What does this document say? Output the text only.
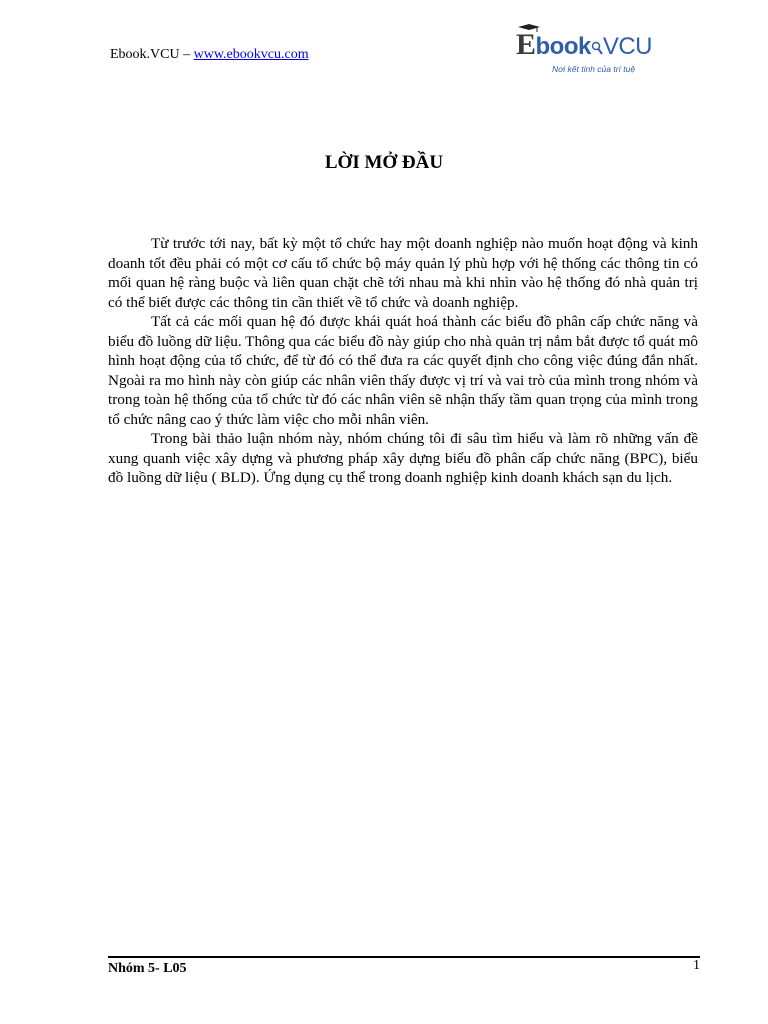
Ebook.VCU – www.ebookvcu.com	Ebook VCU
Nơi kết tinh của trí tuệ
LỜI MỞ ĐẦU

Từ trước tới nay, bất kỳ một tổ chức hay một doanh nghiệp nào muốn hoạt động và kinh doanh tốt đều phải có một cơ cấu tổ chức bộ máy quản lý phù hợp với hệ thống các thông tin có mối quan hệ ràng buộc và liên quan chặt chẽ tới nhau mà khi nhìn vào hệ thống đó nhà quản trị có thể biết được các thông tin cần thiết về tổ chức và doanh nghiệp.

Tất cả các mối quan hệ đó được khái quát hoá thành các biểu đồ phân cấp chức năng và biểu đồ luồng dữ liệu. Thông qua các biểu đồ này giúp cho nhà quản trị nắm bắt được tổ quát mô hình hoạt động của tổ chức, để từ đó có thể đưa ra các quyết định cho công việc đúng đắn nhất. Ngoài ra mo hình này còn giúp các nhân viên thấy được vị trí và vai trò của mình trong nhóm và trong toàn hệ thống của tổ chức từ đó các nhân viên sẽ nhận thấy tầm quan trọng của mình trong tổ chức nâng cao ý thức làm việc cho mỗi nhân viên.

Trong bài thảo luận nhóm này, nhóm chúng tôi đi sâu tìm hiểu và làm rõ những vấn đề xung quanh việc xây dựng và phương pháp xây dựng biểu đồ phân cấp chức năng (BPC), biểu đồ luồng dữ liệu ( BLD). Ứng dụng cụ thể trong doanh nghiệp kinh doanh khách sạn du lịch.

Nhóm 5- L05	1
